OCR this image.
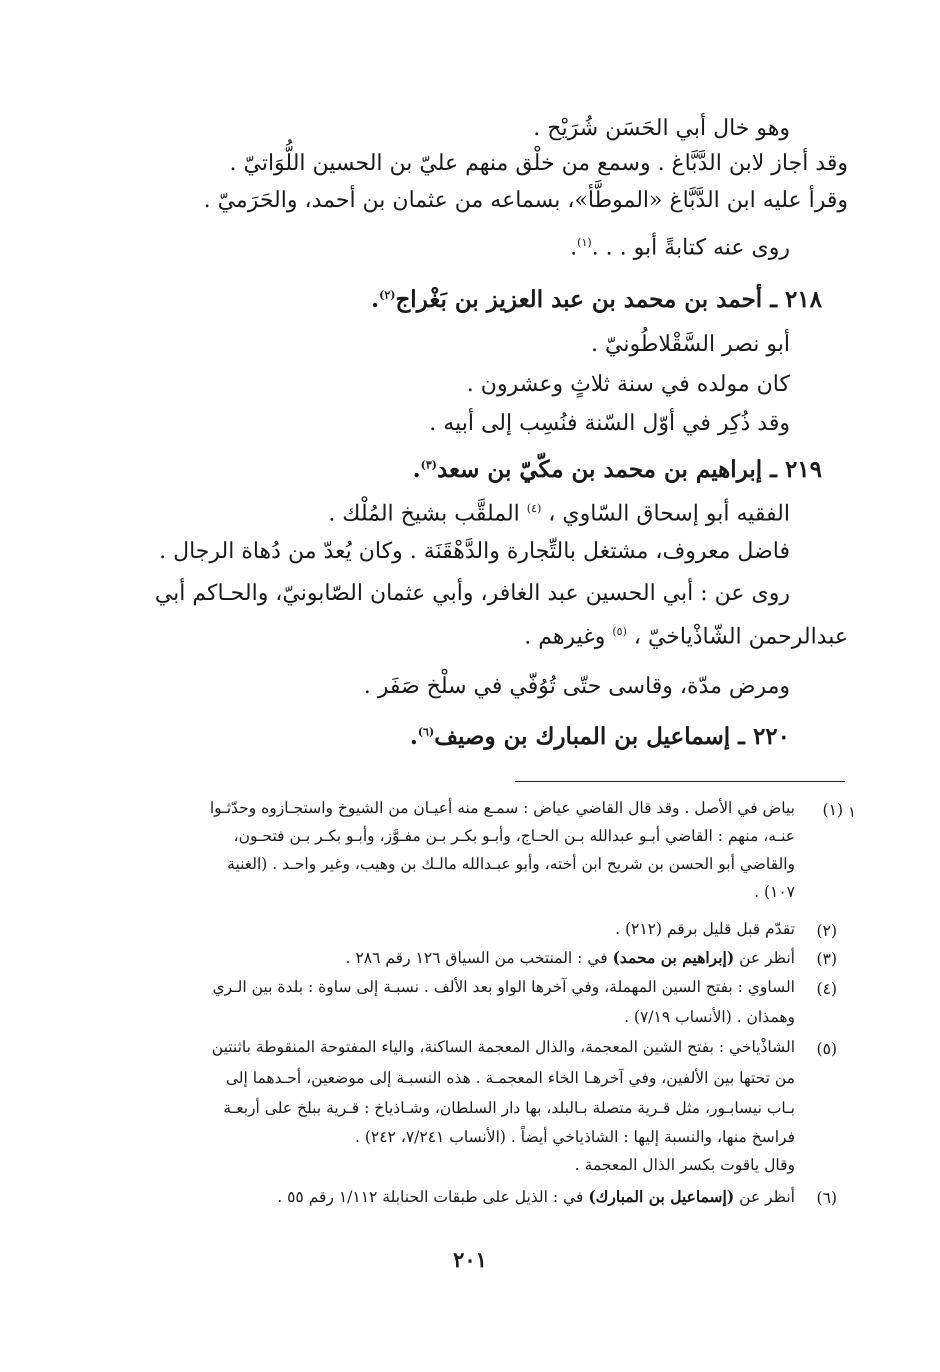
وهو خال أبي الحَسَن شُرَيْح .
وقد أجاز لابن الدَّبَّاغ . وسمع من خلْق منهم عليّ بن الحسين اللُّوَاتيّ .
وقرأ عليه ابن الدَّبَّاغ «الموطَّأ»، بسماعه من عثمان بن أحمد، والحَرَميّ .
روى عنه كتابةً أبو . . .$^{(١)}$.
٢١٨ ـ أحمد بن محمد بن عبد العزيز بن بَغْراج$^{(٢)}$.
أبو نصر السَّقْلاطُونيّ .
كان مولده في سنة ثلاثٍ وعشرون .
وقد ذُكِر في أوّل السّنة فنُسِب إلى أبيه .
٢١٩ ـ إبراهيم بن محمد بن مكّيّ بن سعد$^{(٣)}$.
الفقيه أبو إسحاق السّاوي ، $^{(٤)}$ الملقَّب بشيخ المُلْك .
فاضل معروف، مشتغل بالتِّجارة والدَّهْقَنَة . وكان يُعدّ من دُهاة الرجال .
روى عن : أبي الحسين عبد الغافر، وأبي عثمان الصّابونيّ، والحـاكم أبي
عبدالرحمن الشّاذْياخيّ ، $^{(٥)}$ وغيرهم .
ومرض مدّة، وقاسى حتّى تُوُفّي في سلْخ صَفَر .
٢٢٠ ـ إسماعيل بن المبارك بن وصيف$^{(٦)}$.
١
(١)
بياض في الأصل . وقد قال القاضي عياض : سمـع منه أعيـان من الشيوخ واستجـازوه وحدّثـوا
عنـه، منهم : القاضي أبـو عبدالله بـن الحـاج، وأبـو بكـر بـن مفـوَّز، وأبـو بكـر بـن فتحـون،
والقاضي أبو الحسن بن شريح ابن أخته، وأبو عبـدالله مالـك بن وهيب، وغير واحـد . (الغنية
١٠٧) .
(٢)
تقدّم قبل قليل برقم (٢١٢) .
(٣)
أنظر عن (إبراهيم بن محمد) في : المنتخب من السياق ١٢٦ رقم ٢٨٦ .
(٤)
الساوي : بفتح السين المهملة، وفي آخرها الواو بعد الألف . نسبـة إلى ساوة : بلدة بين الـري
وهمذان . (الأنساب ٧/١٩) .
(٥)
الشاذْياخي : بفتح الشين المعجمة، والذال المعجمة الساكنة، والياء المفتوحة المنقوطة باثنتين
من تحتها بين الألفين، وفي آخرهـا الخاء المعجمـة . هذه النسبـة إلى موضعين، أحـدهما إلى
بـاب نيسابـور، مثل قـرية متصلة بـالبلد، بها دار السلطان، وشـاذياخ : قـرية ببلخ على أربعـة
فراسخ منها، والنسبة إليها : الشاذياخي أيضاً . (الأنساب ٧/٢٤١، ٢٤٢) .
وقال ياقوت بكسر الذال المعجمة .
(٦)
أنظر عن (إسماعيل بن المبارك) في : الذيل على طبقات الحنابلة ١/١١٢ رقم ٥٥ .
٢٠١
